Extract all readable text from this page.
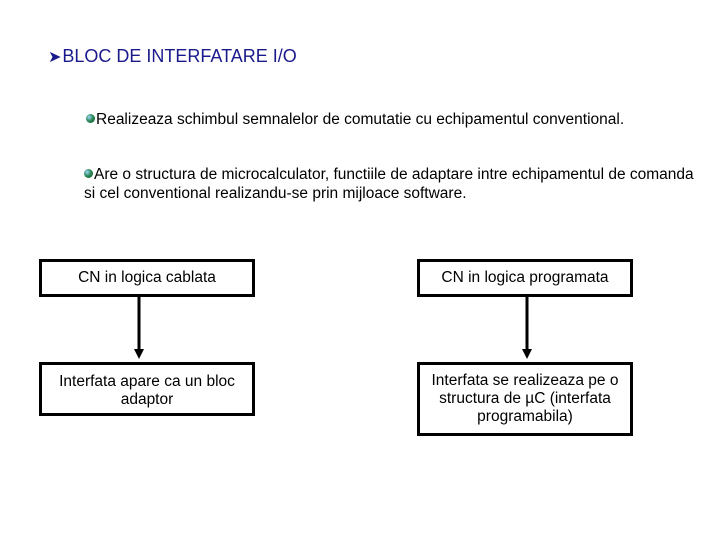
➤BLOC DE INTERFATARE I/O
Realizeaza schimbul semnalelor de comutatie cu echipamentul conventional.
Are o structura de microcalculator, functiile de adaptare intre echipamentul de comanda si cel conventional realizandu-se prin mijloace software.
CN in logica cablata	CN in logica programata
Interfata apare ca un bloc adaptor
Interfata se realizeaza pe o structura de µC (interfata programabila)
